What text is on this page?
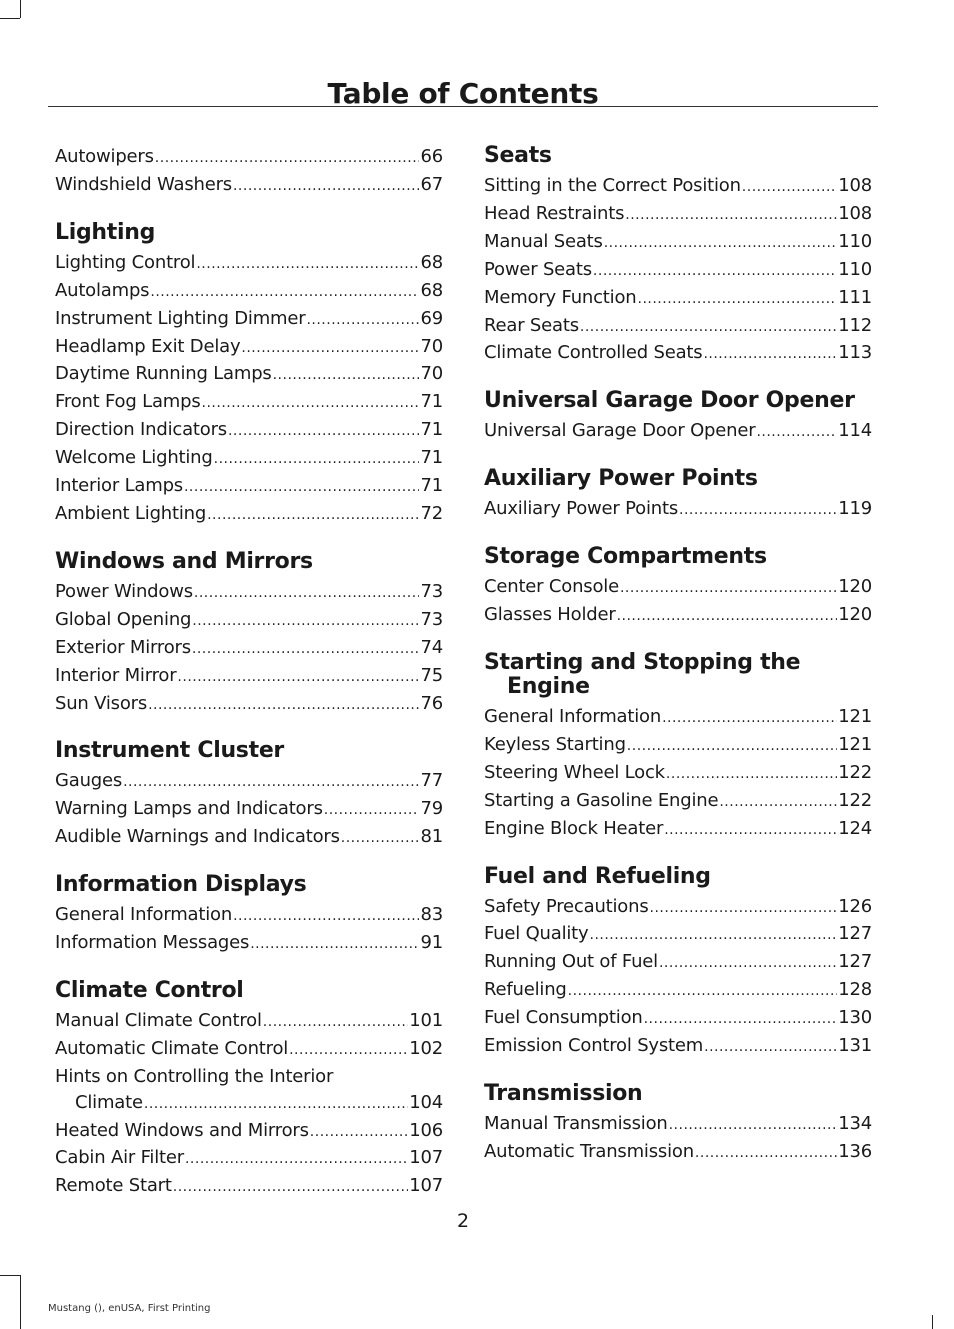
Table of Contents
Autowipers .....	66
Windshield Washers .....	67
Lighting
Lighting Control .....	68
Autolamps .....	68
Instrument Lighting Dimmer .....	69
Headlamp Exit Delay .....	70
Daytime Running Lamps .....	70
Front Fog Lamps .....	71
Direction Indicators .....	71
Welcome Lighting .....	71
Interior Lamps .....	71
Ambient Lighting .....	72
Windows and Mirrors
Power Windows .....	73
Global Opening .....	73
Exterior Mirrors .....	74
Interior Mirror .....	75
Sun Visors .....	76
Instrument Cluster
Gauges .....	77
Warning Lamps and Indicators .....	79
Audible Warnings and Indicators .....	81
Information Displays
General Information .....	83
Information Messages .....	91
Climate Control
Manual Climate Control .....	101
Automatic Climate Control .....	102
Hints on Controlling the Interior
Climate .....	104
Heated Windows and Mirrors .....	106
Cabin Air Filter .....	107
Remote Start .....	107
Seats
Sitting in the Correct Position .....	108
Head Restraints .....	108
Manual Seats .....	110
Power Seats .....	110
Memory Function .....	111
Rear Seats .....	112
Climate Controlled Seats .....	113
Universal Garage Door Opener
Universal Garage Door Opener .....	114
Auxiliary Power Points
Auxiliary Power Points .....	119
Storage Compartments
Center Console .....	120
Glasses Holder .....	120
Starting and Stopping the Engine
General Information .....	121
Keyless Starting .....	121
Steering Wheel Lock .....	122
Starting a Gasoline Engine .....	122
Engine Block Heater .....	124
Fuel and Refueling
Safety Precautions .....	126
Fuel Quality .....	127
Running Out of Fuel .....	127
Refueling .....	128
Fuel Consumption .....	130
Emission Control System .....	131
Transmission
Manual Transmission .....	134
Automatic Transmission .....	136
2
Mustang (), enUSA, First Printing
